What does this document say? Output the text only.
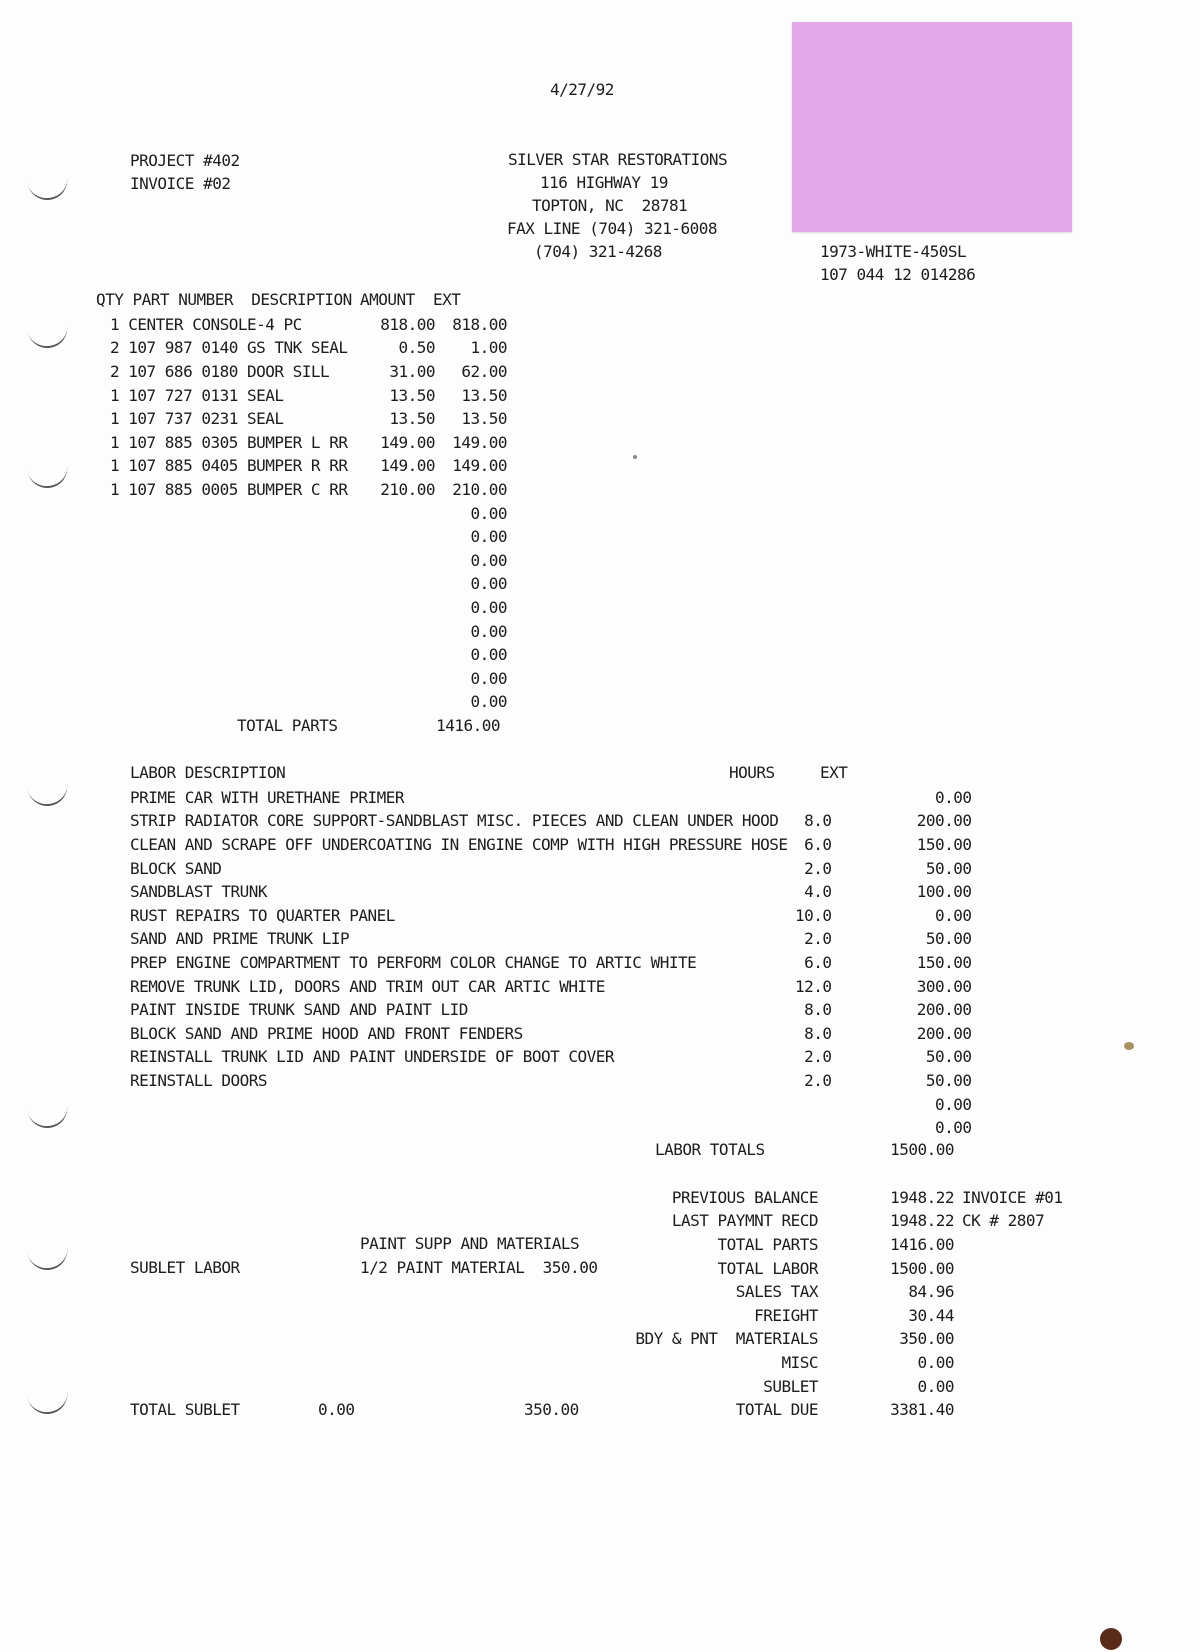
4/27/92
PROJECT #402
INVOICE #02
SILVER STAR RESTORATIONS
116 HIGHWAY 19
TOPTON, NC  28781
FAX LINE (704) 321-6008
(704) 321-4268	1973-WHITE-450SL
107 044 12 014286
QTY PART NUMBER  DESCRIPTION AMOUNT EXT
1 CENTER CONSOLE-4 PC	818.00	818.00
2 107 987 0140 GS TNK SEAL	0.50	1.00
2 107 686 0180 DOOR SILL	31.00	62.00
1 107 727 0131 SEAL	13.50	13.50
1 107 737 0231 SEAL	13.50	13.50
1 107 885 0305 BUMPER L RR	149.00	149.00
1 107 885 0405 BUMPER R RR	149.00	149.00
1 107 885 0005 BUMPER C RR	210.00	210.00
		0.00
		0.00
		0.00
		0.00
		0.00
		0.00
		0.00
		0.00
		0.00
TOTAL PARTS	1416.00
LABOR DESCRIPTION	HOURS	EXT
PRIME CAR WITH URETHANE PRIMER		0.00
STRIP RADIATOR CORE SUPPORT-SANDBLAST MISC. PIECES AND CLEAN UNDER HOOD	8.0	200.00
CLEAN AND SCRAPE OFF UNDERCOATING IN ENGINE COMP WITH HIGH PRESSURE HOSE	6.0	150.00
BLOCK SAND	2.0	50.00
SANDBLAST TRUNK	4.0	100.00
RUST REPAIRS TO QUARTER PANEL	10.0	0.00
SAND AND PRIME TRUNK LIP	2.0	50.00
PREP ENGINE COMPARTMENT TO PERFORM COLOR CHANGE TO ARTIC WHITE	6.0	150.00
REMOVE TRUNK LID, DOORS AND TRIM OUT CAR ARTIC WHITE	12.0	300.00
PAINT INSIDE TRUNK SAND AND PAINT LID	8.0	200.00
BLOCK SAND AND PRIME HOOD AND FRONT FENDERS	8.0	200.00
REINSTALL TRUNK LID AND PAINT UNDERSIDE OF BOOT COVER	2.0	50.00
REINSTALL DOORS	2.0	50.00
		0.00
		0.00
LABOR TOTALS	1500.00
PAINT SUPP AND MATERIALS
SUBLET LABOR	1/2 PAINT MATERIAL  350.00
TOTAL SUBLET	0.00	350.00
PREVIOUS BALANCE	1948.22	INVOICE #01
LAST PAYMNT RECD	1948.22	CK # 2807
TOTAL PARTS	1416.00	
TOTAL LABOR	1500.00	
SALES TAX	84.96	
FREIGHT	30.44	
BDY & PNT  MATERIALS	350.00	
MISC	0.00	
SUBLET	0.00	
TOTAL DUE	3381.40	
